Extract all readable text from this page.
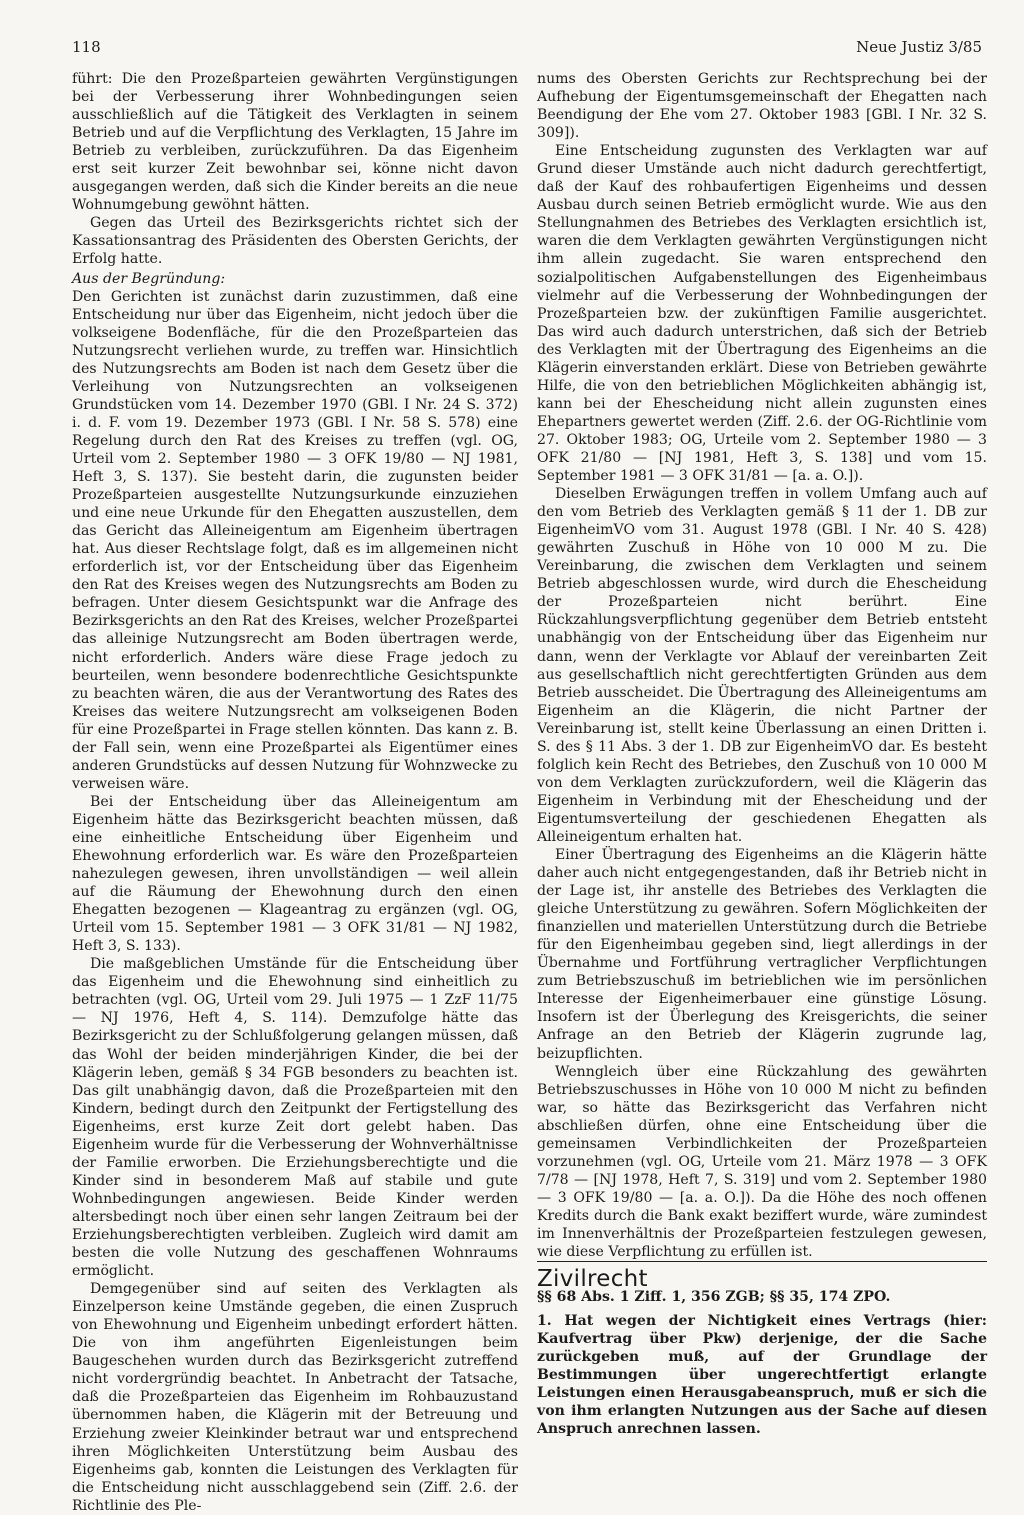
118	Neue Justiz 3/85

führt: Die den Prozeßparteien gewährten Vergünstigungen bei der Verbesserung ihrer Wohnbedingungen seien ausschließlich auf die Tätigkeit des Verklagten in seinem Betrieb und auf die Verpflichtung des Verklagten, 15 Jahre im Betrieb zu verbleiben, zurückzuführen. Da das Eigenheim erst seit kurzer Zeit bewohnbar sei, könne nicht davon ausgegangen werden, daß sich die Kinder bereits an die neue Wohnumgebung gewöhnt hätten.

Gegen das Urteil des Bezirksgerichts richtet sich der Kassationsantrag des Präsidenten des Obersten Gerichts, der Erfolg hatte.

Aus der Begründung:

Den Gerichten ist zunächst darin zuzustimmen, daß eine Entscheidung nur über das Eigenheim, nicht jedoch über die volkseigene Bodenfläche, für die den Prozeßparteien das Nutzungsrecht verliehen wurde, zu treffen war. Hinsichtlich des Nutzungsrechts am Boden ist nach dem Gesetz über die Verleihung von Nutzungsrechten an volkseigenen Grundstücken vom 14. Dezember 1970 (GBl. I Nr. 24 S. 372) i. d. F. vom 19. Dezember 1973 (GBl. I Nr. 58 S. 578) eine Regelung durch den Rat des Kreises zu treffen (vgl. OG, Urteil vom 2. September 1980 — 3 OFK 19/80 — NJ 1981, Heft 3, S. 137). Sie besteht darin, die zugunsten beider Prozeßparteien ausgestellte Nutzungsurkunde einzuziehen und eine neue Urkunde für den Ehegatten auszustellen, dem das Gericht das Alleineigentum am Eigenheim übertragen hat. Aus dieser Rechtslage folgt, daß es im allgemeinen nicht erforderlich ist, vor der Entscheidung über das Eigenheim den Rat des Kreises wegen des Nutzungsrechts am Boden zu befragen. Unter diesem Gesichtspunkt war die Anfrage des Bezirksgerichts an den Rat des Kreises, welcher Prozeßpartei das alleinige Nutzungsrecht am Boden übertragen werde, nicht erforderlich. Anders wäre diese Frage jedoch zu beurteilen, wenn besondere bodenrechtliche Gesichtspunkte zu beachten wären, die aus der Verantwortung des Rates des Kreises das weitere Nutzungsrecht am volkseigenen Boden für eine Prozeßpartei in Frage stellen könnten. Das kann z. B. der Fall sein, wenn eine Prozeßpartei als Eigentümer eines anderen Grundstücks auf dessen Nutzung für Wohnzwecke zu verweisen wäre.

Bei der Entscheidung über das Alleineigentum am Eigenheim hätte das Bezirksgericht beachten müssen, daß eine einheitliche Entscheidung über Eigenheim und Ehewohnung erforderlich war. Es wäre den Prozeßparteien nahezulegen gewesen, ihren unvollständigen — weil allein auf die Räumung der Ehewohnung durch den einen Ehegatten bezogenen — Klageantrag zu ergänzen (vgl. OG, Urteil vom 15. September 1981 — 3 OFK 31/81 — NJ 1982, Heft 3, S. 133).

Die maßgeblichen Umstände für die Entscheidung über das Eigenheim und die Ehewohnung sind einheitlich zu betrachten (vgl. OG, Urteil vom 29. Juli 1975 — 1 ZzF 11/75 — NJ 1976, Heft 4, S. 114). Demzufolge hätte das Bezirksgericht zu der Schlußfolgerung gelangen müssen, daß das Wohl der beiden minderjährigen Kinder, die bei der Klägerin leben, gemäß § 34 FGB besonders zu beachten ist. Das gilt unabhängig davon, daß die Prozeßparteien mit den Kindern, bedingt durch den Zeitpunkt der Fertigstellung des Eigenheims, erst kurze Zeit dort gelebt haben. Das Eigenheim wurde für die Verbesserung der Wohnverhältnisse der Familie erworben. Die Erziehungsberechtigte und die Kinder sind in besonderem Maß auf stabile und gute Wohnbedingungen angewiesen. Beide Kinder werden altersbedingt noch über einen sehr langen Zeitraum bei der Erziehungsberechtigten verbleiben. Zugleich wird damit am besten die volle Nutzung des geschaffenen Wohnraums ermöglicht.

Demgegenüber sind auf seiten des Verklagten als Einzelperson keine Umstände gegeben, die einen Zuspruch von Ehewohnung und Eigenheim unbedingt erfordert hätten. Die von ihm angeführten Eigenleistungen beim Baugeschehen wurden durch das Bezirksgericht zutreffend nicht vordergründig beachtet. In Anbetracht der Tatsache, daß die Prozeßparteien das Eigenheim im Rohbauzustand übernommen haben, die Klägerin mit der Betreuung und Erziehung zweier Kleinkinder betraut war und entsprechend ihren Möglichkeiten Unterstützung beim Ausbau des Eigenheims gab, konnten die Leistungen des Verklagten für die Entscheidung nicht ausschlaggebend sein (Ziff. 2.6. der Richtlinie des Ple-

nums des Obersten Gerichts zur Rechtsprechung bei der Aufhebung der Eigentumsgemeinschaft der Ehegatten nach Beendigung der Ehe vom 27. Oktober 1983 [GBl. I Nr. 32 S. 309]).

Eine Entscheidung zugunsten des Verklagten war auf Grund dieser Umstände auch nicht dadurch gerechtfertigt, daß der Kauf des rohbaufertigen Eigenheims und dessen Ausbau durch seinen Betrieb ermöglicht wurde. Wie aus den Stellungnahmen des Betriebes des Verklagten ersichtlich ist, waren die dem Verklagten gewährten Vergünstigungen nicht ihm allein zugedacht. Sie waren entsprechend den sozialpolitischen Aufgabenstellungen des Eigenheimbaus vielmehr auf die Verbesserung der Wohnbedingungen der Prozeßparteien bzw. der zukünftigen Familie ausgerichtet. Das wird auch dadurch unterstrichen, daß sich der Betrieb des Verklagten mit der Übertragung des Eigenheims an die Klägerin einverstanden erklärt. Diese von Betrieben gewährte Hilfe, die von den betrieblichen Möglichkeiten abhängig ist, kann bei der Ehescheidung nicht allein zugunsten eines Ehepartners gewertet werden (Ziff. 2.6. der OG-Richtlinie vom 27. Oktober 1983; OG, Urteile vom 2. September 1980 — 3 OFK 21/80 — [NJ 1981, Heft 3, S. 138] und vom 15. September 1981 — 3 OFK 31/81 — [a. a. O.]).

Dieselben Erwägungen treffen in vollem Umfang auch auf den vom Betrieb des Verklagten gemäß § 11 der 1. DB zur EigenheimVO vom 31. August 1978 (GBl. I Nr. 40 S. 428) gewährten Zuschuß in Höhe von 10 000 M zu. Die Vereinbarung, die zwischen dem Verklagten und seinem Betrieb abgeschlossen wurde, wird durch die Ehescheidung der Prozeßparteien nicht berührt. Eine Rückzahlungsverpflichtung gegenüber dem Betrieb entsteht unabhängig von der Entscheidung über das Eigenheim nur dann, wenn der Verklagte vor Ablauf der vereinbarten Zeit aus gesellschaftlich nicht gerechtfertigten Gründen aus dem Betrieb ausscheidet. Die Übertragung des Alleineigentums am Eigenheim an die Klägerin, die nicht Partner der Vereinbarung ist, stellt keine Überlassung an einen Dritten i. S. des § 11 Abs. 3 der 1. DB zur EigenheimVO dar. Es besteht folglich kein Recht des Betriebes, den Zuschuß von 10 000 M von dem Verklagten zurückzufordern, weil die Klägerin das Eigenheim in Verbindung mit der Ehescheidung und der Eigentumsverteilung der geschiedenen Ehegatten als Alleineigentum erhalten hat.

Einer Übertragung des Eigenheims an die Klägerin hätte daher auch nicht entgegengestanden, daß ihr Betrieb nicht in der Lage ist, ihr anstelle des Betriebes des Verklagten die gleiche Unterstützung zu gewähren. Sofern Möglichkeiten der finanziellen und materiellen Unterstützung durch die Betriebe für den Eigenheimbau gegeben sind, liegt allerdings in der Übernahme und Fortführung vertraglicher Verpflichtungen zum Betriebszuschuß im betrieblichen wie im persönlichen Interesse der Eigenheimerbauer eine günstige Lösung. Insofern ist der Überlegung des Kreisgerichts, die seiner Anfrage an den Betrieb der Klägerin zugrunde lag, beizupflichten.

Wenngleich über eine Rückzahlung des gewährten Betriebszuschusses in Höhe von 10 000 M nicht zu befinden war, so hätte das Bezirksgericht das Verfahren nicht abschließen dürfen, ohne eine Entscheidung über die gemeinsamen Verbindlichkeiten der Prozeßparteien vorzunehmen (vgl. OG, Urteile vom 21. März 1978 — 3 OFK 7/78 — [NJ 1978, Heft 7, S. 319] und vom 2. September 1980 — 3 OFK 19/80 — [a. a. O.]). Da die Höhe des noch offenen Kredits durch die Bank exakt beziffert wurde, wäre zumindest im Innenverhältnis der Prozeßparteien festzulegen gewesen, wie diese Verpflichtung zu erfüllen ist.

Zivilrecht

§§ 68 Abs. 1 Ziff. 1, 356 ZGB; §§ 35, 174 ZPO.

1. Hat wegen der Nichtigkeit eines Vertrags (hier: Kaufvertrag über Pkw) derjenige, der die Sache zurückgeben muß, auf der Grundlage der Bestimmungen über ungerechtfertigt erlangte Leistungen einen Herausgabeanspruch, muß er sich die von ihm erlangten Nutzungen aus der Sache auf diesen Anspruch anrechnen lassen.
